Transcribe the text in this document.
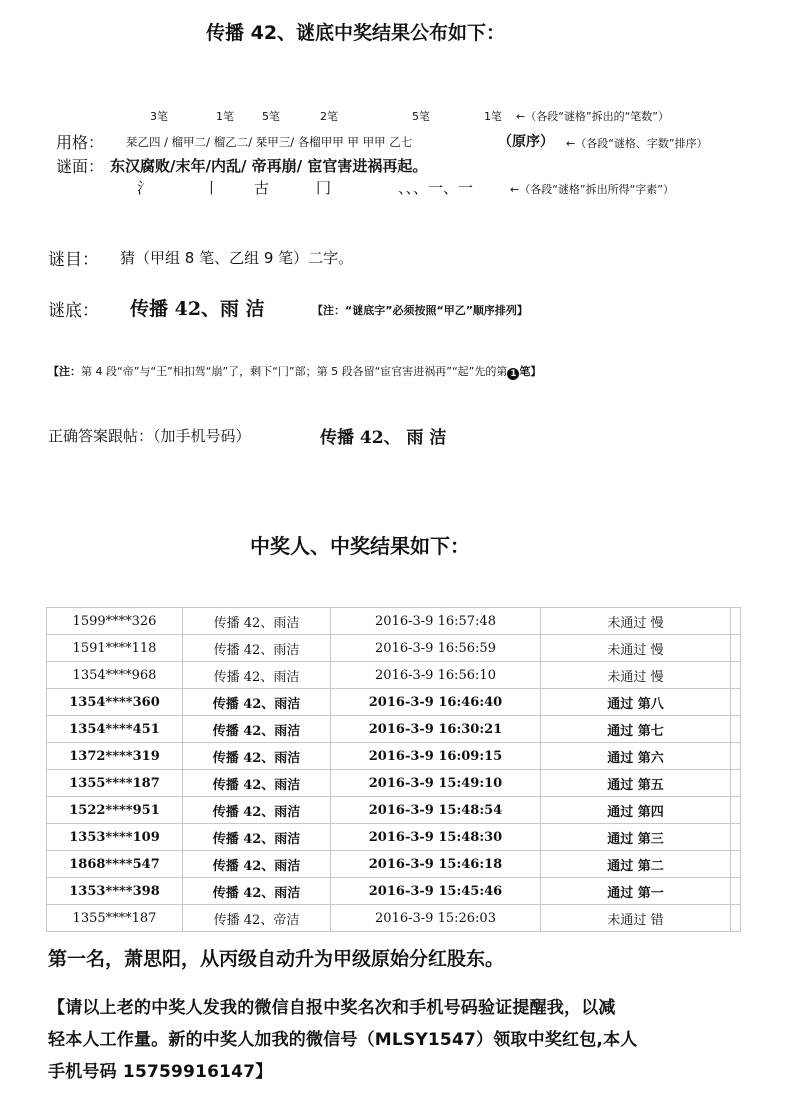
传播 42、谜底中奖结果公布如下：
3笔	1笔	5笔	2笔	5笔	1笔 ←（各段“谜格”拆出的“笔数”）
用格： 栞乙四 / 榴甲二/ 榴乙二/ 栞甲三/ 各榴甲甲 甲 甲甲 乙七	（原序） ←（各段“谜格、字数”排序）
谜面： 东汉腐败/末年/内乱/ 帝再崩/ 宦官害进祸再起。
氵	丨 古	冂	、、、一、一	←（各段“谜格”拆出所得“字素”）
谜目： 猜（甲组 8 笔、乙组 9 笔）二字。
谜底： 传播 42、雨 洁	【注：“谜底字”必须按照“甲乙”顺序排列】
【注：第 4 段“帝”与“王”相扣驾“崩”了，剩下“冂”部；第 5 段各留“宦官害进祸再”“起”先的第 1 笔】
正确答案跟帖：（加手机号码）	传播 42、 雨 洁
中奖人、中奖结果如下：
1599****326	传播 42、雨洁	2016-3-9 16:57:48	未通过 慢	
1591****118	传播 42、雨洁	2016-3-9 16:56:59	未通过 慢	
1354****968	传播 42、雨洁	2016-3-9 16:56:10	未通过 慢	
1354****360	传播 42、雨洁	2016-3-9 16:46:40	通过 第八	
1354****451	传播 42、雨洁	2016-3-9 16:30:21	通过 第七	
1372****319	传播 42、雨洁	2016-3-9 16:09:15	通过 第六	
1355****187	传播 42、雨洁	2016-3-9 15:49:10	通过 第五	
1522****951	传播 42、雨洁	2016-3-9 15:48:54	通过 第四	
1353****109	传播 42、雨洁	2016-3-9 15:48:30	通过 第三	
1868****547	传播 42、雨洁	2016-3-9 15:46:18	通过 第二	
1353****398	传播 42、雨洁	2016-3-9 15:45:46	通过 第一	
1355****187	传播 42、帝洁	2016-3-9 15:26:03	未通过 错	
第一名，萧思阳，从丙级自动升为甲级原始分红股东。
【请以上老的中奖人发我的微信自报中奖名次和手机号码验证提醒我，以减
轻本人工作量。新的中奖人加我的微信号（MLSY1547）领取中奖红包,本人
手机号码 15759916147】
